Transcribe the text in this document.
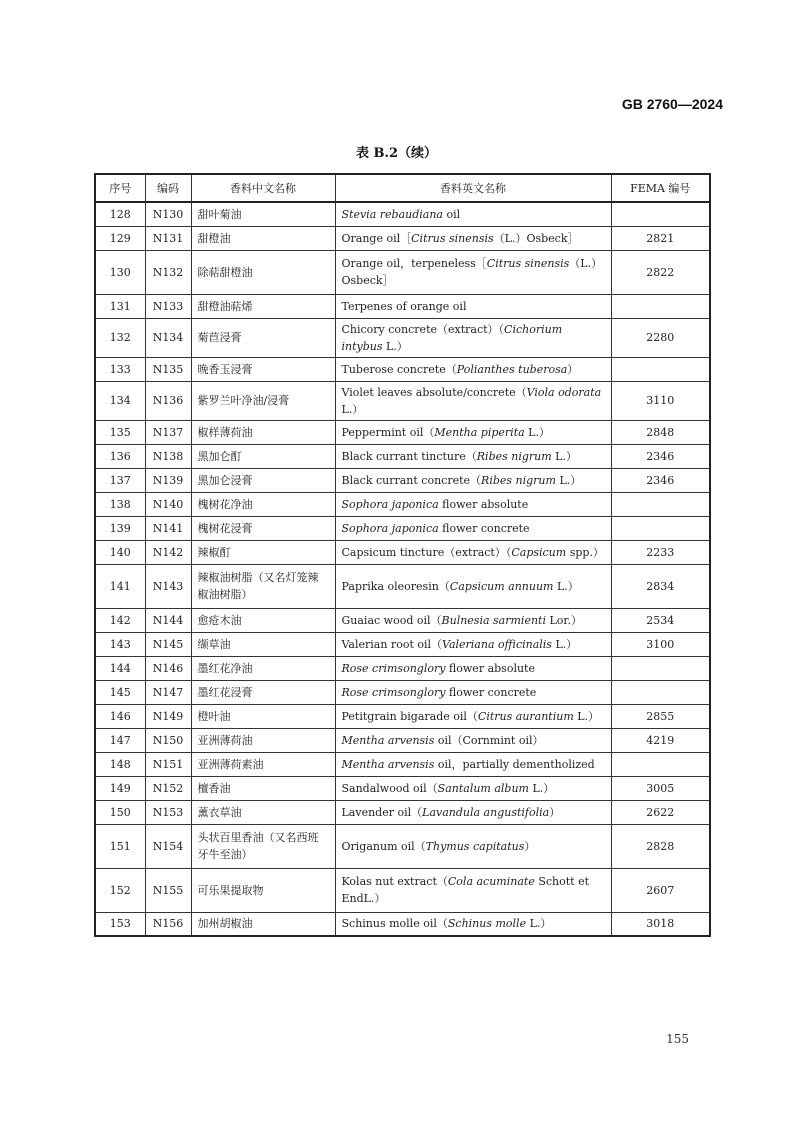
GB 2760—2024
表 B.2（续）
序号	编码	香料中文名称	香料英文名称	FEMA 编号
128	N130	甜叶菊油	Stevia rebaudiana oil	
129	N131	甜橙油	Orange oil［Citrus sinensis（L.）Osbeck］	2821
130	N132	除萜甜橙油	Orange oil，terpeneless［Citrus sinensis（L.）Osbeck］	2822
131	N133	甜橙油萜烯	Terpenes of orange oil	
132	N134	菊苣浸膏	Chicory concrete（extract）（Cichorium intybus L.）	2280
133	N135	晚香玉浸膏	Tuberose concrete（Polianthes tuberosa）	
134	N136	紫罗兰叶净油/浸膏	Violet leaves absolute/concrete（Viola odorata L.）	3110
135	N137	椒样薄荷油	Peppermint oil（Mentha piperita L.）	2848
136	N138	黑加仑酊	Black currant tincture（Ribes nigrum L.）	2346
137	N139	黑加仑浸膏	Black currant concrete（Ribes nigrum L.）	2346
138	N140	槐树花净油	Sophora japonica flower absolute	
139	N141	槐树花浸膏	Sophora japonica flower concrete	
140	N142	辣椒酊	Capsicum tincture（extract）（Capsicum spp.）	2233
141	N143	辣椒油树脂（又名灯笼辣椒油树脂）	Paprika oleoresin（Capsicum annuum L.）	2834
142	N144	愈疮木油	Guaiac wood oil（Bulnesia sarmienti Lor.）	2534
143	N145	缬草油	Valerian root oil（Valeriana officinalis L.）	3100
144	N146	墨红花净油	Rose crimsonglory flower absolute	
145	N147	墨红花浸膏	Rose crimsonglory flower concrete	
146	N149	橙叶油	Petitgrain bigarade oil（Citrus aurantium L.）	2855
147	N150	亚洲薄荷油	Mentha arvensis oil（Cornmint oil）	4219
148	N151	亚洲薄荷素油	Mentha arvensis oil，partially dementholized	
149	N152	檀香油	Sandalwood oil（Santalum album L.）	3005
150	N153	薰衣草油	Lavender oil（Lavandula angustifolia）	2622
151	N154	头状百里香油（又名西班牙牛至油）	Origanum oil（Thymus capitatus）	2828
152	N155	可乐果提取物	Kolas nut extract（Cola acuminate Schott et EndL.）	2607
153	N156	加州胡椒油	Schinus molle oil（Schinus molle L.）	3018
155
